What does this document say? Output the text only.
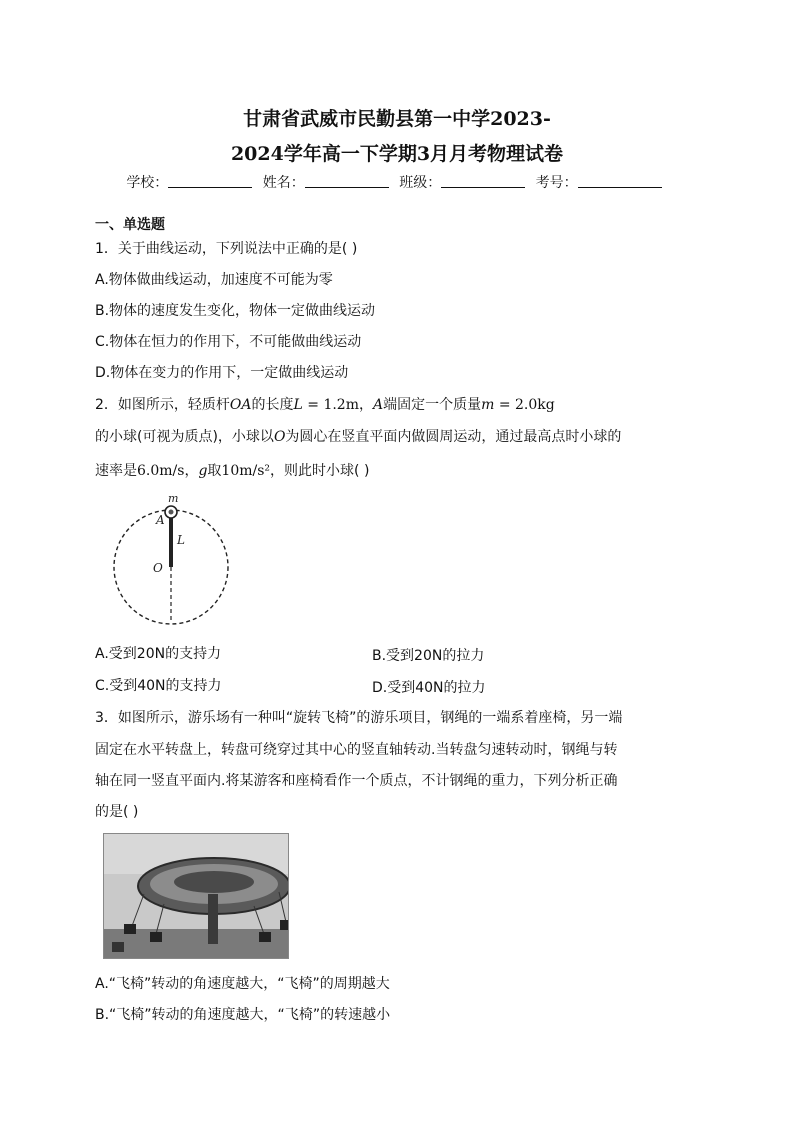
甘肃省武威市民勤县第一中学2023-
2024学年高一下学期3月月考物理试卷
学校：	姓名：	班级：	考号：
一、单选题
1．关于曲线运动，下列说法中正确的是( )
A.物体做曲线运动，加速度不可能为零
B.物体的速度发生变化，物体一定做曲线运动
C.物体在恒力的作用下，不可能做曲线运动
D.物体在变力的作用下，一定做曲线运动
2．如图所示，轻质杆OA的长度L = 1.2m，A端固定一个质量m = 2.0kg
的小球(可视为质点)，小球以O为圆心在竖直平面内做圆周运动，通过最高点时小球的
速率是6.0m/s，g取10m/s²，则此时小球( )
m
A
L
O
A.受到20N的支持力	B.受到20N的拉力
C.受到40N的支持力	D.受到40N的拉力
3．如图所示，游乐场有一种叫“旋转飞椅”的游乐项目，钢绳的一端系着座椅，另一端
固定在水平转盘上，转盘可绕穿过其中心的竖直轴转动.当转盘匀速转动时，钢绳与转
轴在同一竖直平面内.将某游客和座椅看作一个质点，不计钢绳的重力，下列分析正确
的是( )
A.“飞椅”转动的角速度越大，“飞椅”的周期越大
B.“飞椅”转动的角速度越大，“飞椅”的转速越小
